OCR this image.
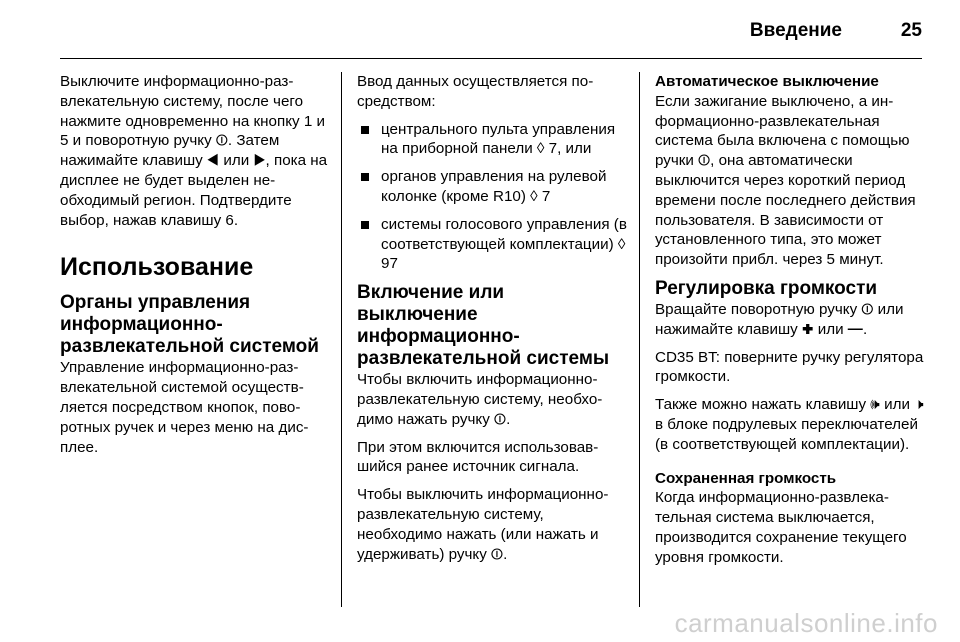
Введение	25

Выключите информационно-развлекательную систему, после чего нажмите одновременно на кнопку 1 и 5 и поворотную ручку ⏼. Затем нажимайте клавишу ◀ или ▶, пока на дисплее не будет выделен необходимый регион. Подтвердите выбор, нажав клавишу 6.

Использование
Органы управления информационно-развлекательной системой

Управление информационно-развлекательной системой осуществляется посредством кнопок, поворотных ручек и через меню на дисплее.

Ввод данных осуществляется посредством:

центрального пульта управления на приборной панели ◊ 7, или
органов управления на рулевой колонке (кроме R10) ◊ 7
системы голосового управления (в соответствующей комплектации) ◊ 97
Включение или выключение информационно-развлекательной системы

Чтобы включить информационно-развлекательную систему, необходимо нажать ручку ⏼.

При этом включится использовавшийся ранее источник сигнала.

Чтобы выключить информационно-развлекательную систему, необходимо нажать (или нажать и удерживать) ручку ⏼.

Автоматическое выключение

Если зажигание выключено, а информационно-развлекательная система была включена с помощью ручки ⏼, она автоматически выключится через короткий период времени после последнего действия пользователя. В зависимости от установленного типа, это может произойти прибл. через 5 минут.

Регулировка громкости

Вращайте поворотную ручку ⏼ или нажимайте клавишу ✚ или ━.

CD35 BT: поверните ручку регулятора громкости.

Также можно нажать клавишу 🕪 или 🕨 в блоке подрулевых переключателей (в соответствующей комплектации).

Сохраненная громкость

Когда информационно-развлекательная система выключается, производится сохранение текущего уровня громкости.

carmanualsonline.info
